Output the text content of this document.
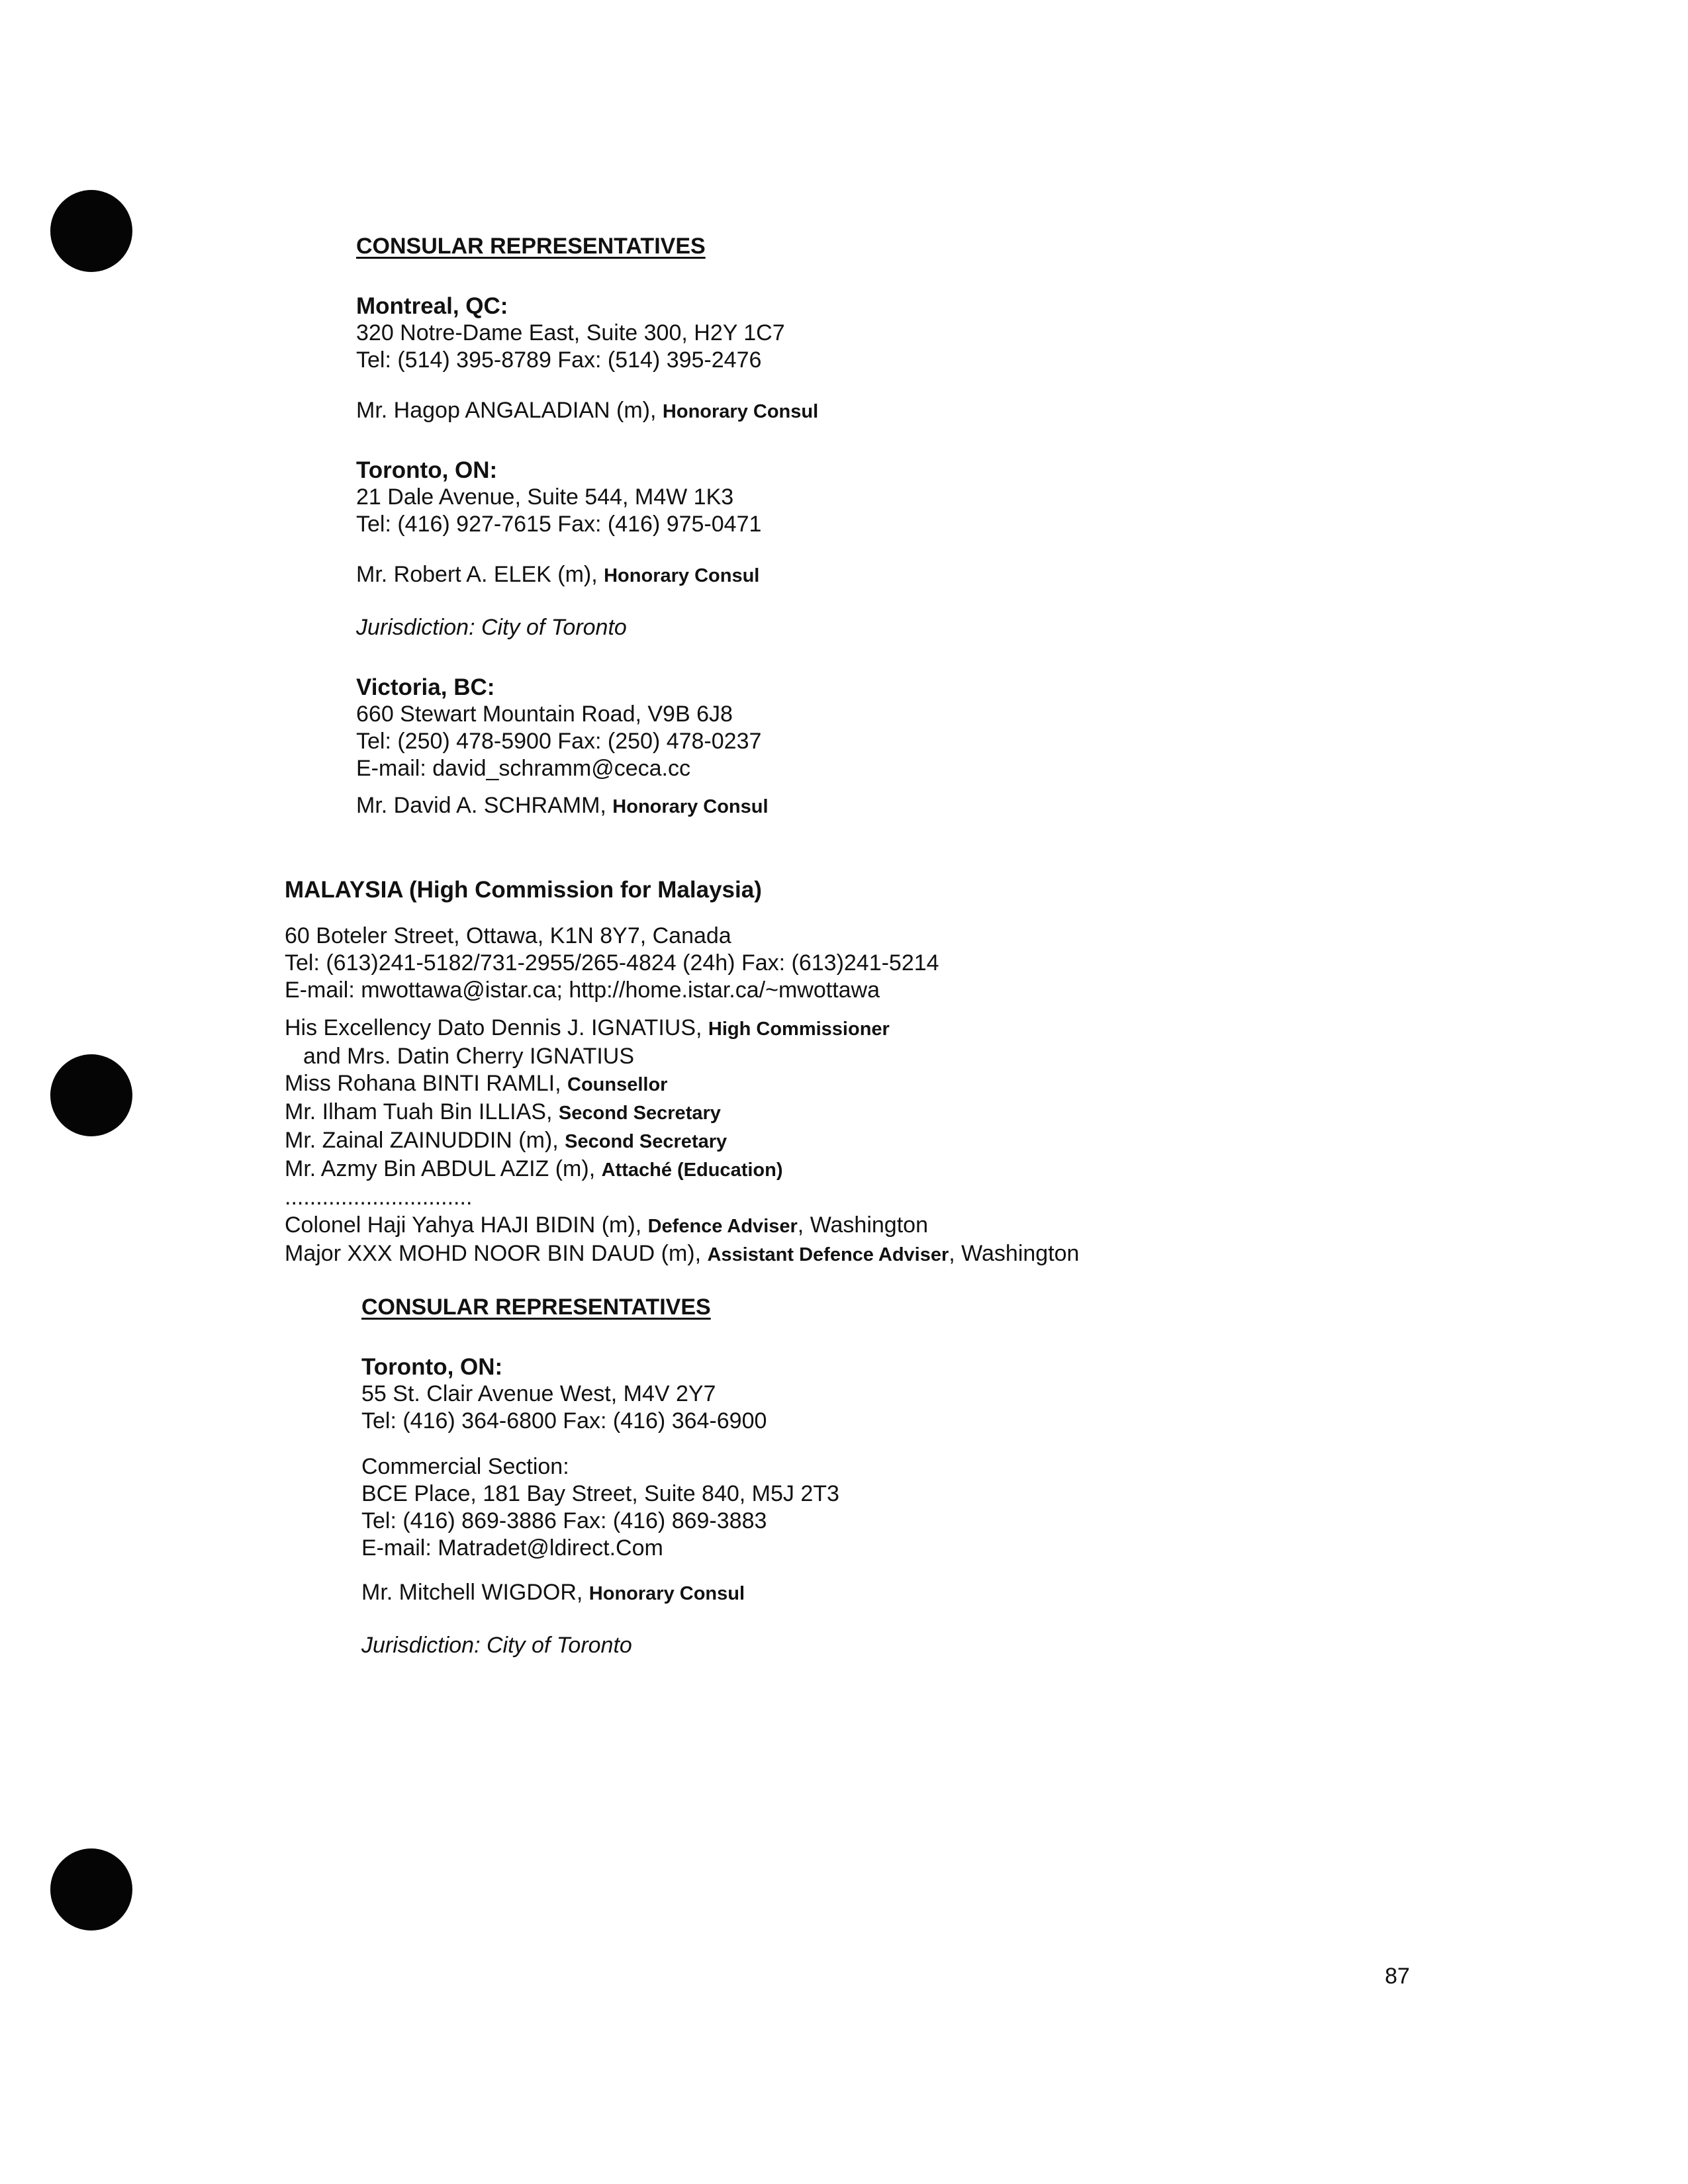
CONSULAR REPRESENTATIVES
Montreal, QC:
320 Notre-Dame East, Suite 300, H2Y 1C7
Tel: (514) 395-8789 Fax: (514) 395-2476
Mr. Hagop ANGALADIAN (m), Honorary Consul
Toronto, ON:
21 Dale Avenue, Suite 544, M4W 1K3
Tel: (416) 927-7615 Fax: (416) 975-0471
Mr. Robert A. ELEK (m), Honorary Consul
Jurisdiction: City of Toronto
Victoria, BC:
660 Stewart Mountain Road, V9B 6J8
Tel: (250) 478-5900 Fax: (250) 478-0237
E-mail: david_schramm@ceca.cc
Mr. David A. SCHRAMM, Honorary Consul
MALAYSIA (High Commission for Malaysia)
60 Boteler Street, Ottawa, K1N 8Y7, Canada
Tel: (613)241-5182/731-2955/265-4824 (24h) Fax: (613)241-5214
E-mail: mwottawa@istar.ca; http://home.istar.ca/~mwottawa
His Excellency Dato Dennis J. IGNATIUS, High Commissioner
and Mrs. Datin Cherry IGNATIUS
Miss Rohana BINTI RAMLI, Counsellor
Mr. Ilham Tuah Bin ILLIAS, Second Secretary
Mr. Zainal ZAINUDDIN (m), Second Secretary
Mr. Azmy Bin ABDUL AZIZ (m), Attaché (Education)
..............................
Colonel Haji Yahya HAJI BIDIN (m), Defence Adviser, Washington
Major XXX MOHD NOOR BIN DAUD (m), Assistant Defence Adviser, Washington
CONSULAR REPRESENTATIVES
Toronto, ON:
55 St. Clair Avenue West, M4V 2Y7
Tel: (416) 364-6800 Fax: (416) 364-6900
Commercial Section:
BCE Place, 181 Bay Street, Suite 840, M5J 2T3
Tel: (416) 869-3886 Fax: (416) 869-3883
E-mail: Matradet@ldirect.Com
Mr. Mitchell WIGDOR, Honorary Consul
Jurisdiction: City of Toronto
87
